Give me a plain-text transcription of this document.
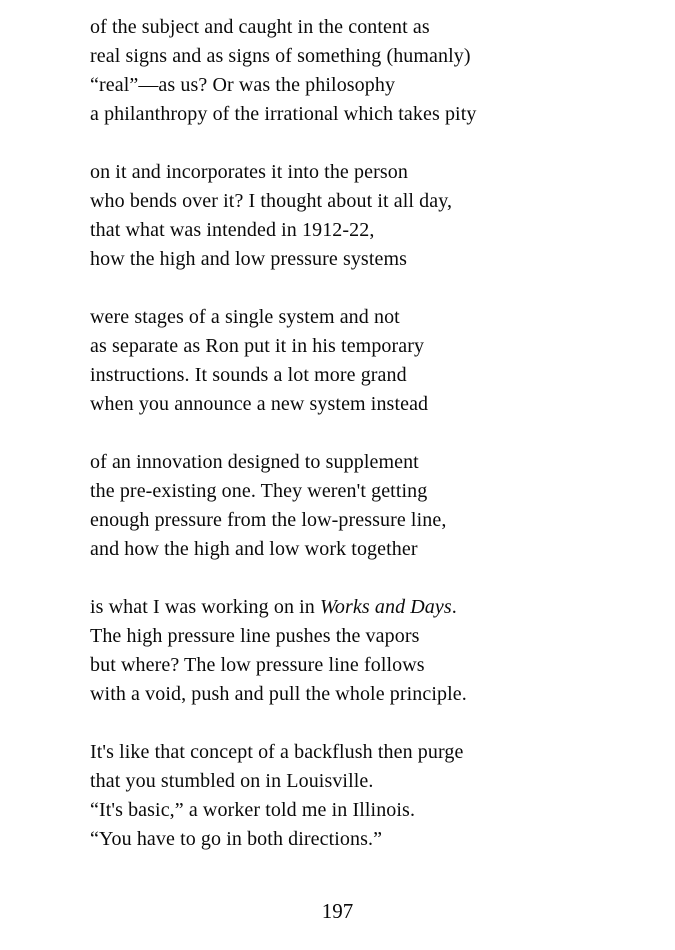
of the subject and caught in the content as

real signs and as signs of something (humanly)

“real”—as us? Or was the philosophy

a philanthropy of the irrational which takes pity

on it and incorporates it into the person

who bends over it? I thought about it all day,

that what was intended in 1912-22,

how the high and low pressure systems

were stages of a single system and not

as separate as Ron put it in his temporary

instructions. It sounds a lot more grand

when you announce a new system instead

of an innovation designed to supplement

the pre-existing one. They weren't getting

enough pressure from the low-pressure line,

and how the high and low work together

is what I was working on in Works and Days.

The high pressure line pushes the vapors

but where? The low pressure line follows

with a void, push and pull the whole principle.

It's like that concept of a backflush then purge

that you stumbled on in Louisville.

“It's basic,” a worker told me in Illinois.

“You have to go in both directions.”

197
